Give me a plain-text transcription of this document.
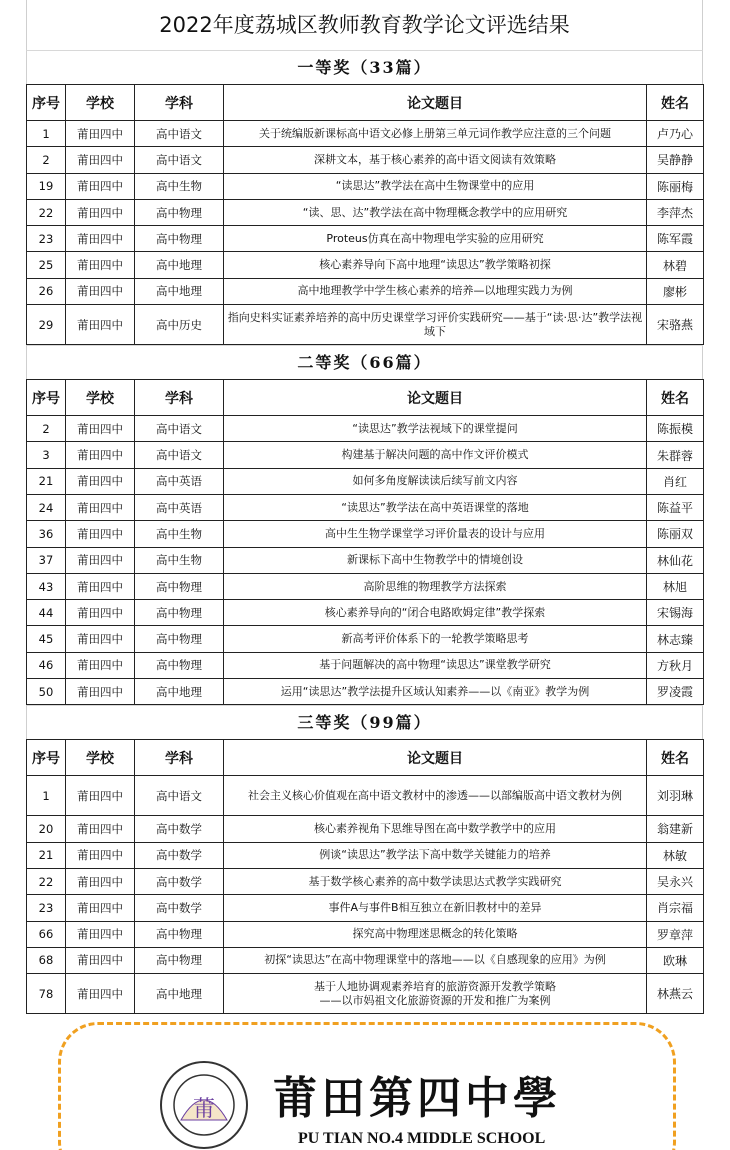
2022年度荔城区教师教育教学论文评选结果
一等奖（33篇）
序号	学校	学科	论文题目	姓名
1	莆田四中	高中语文	关于统编版新课标高中语文必修上册第三单元词作教学应注意的三个问题	卢乃心
2	莆田四中	高中语文	深耕文本，基于核心素养的高中语文阅读有效策略	吴静静
19	莆田四中	高中生物	“读思达”教学法在高中生物课堂中的应用	陈丽梅
22	莆田四中	高中物理	“读、思、达”教学法在高中物理概念教学中的应用研究	李萍杰
23	莆田四中	高中物理	Proteus仿真在高中物理电学实验的应用研究	陈军霞
25	莆田四中	高中地理	核心素养导向下高中地理“读思达”教学策略初探	林碧
26	莆田四中	高中地理	高中地理教学中学生核心素养的培养—以地理实践力为例	廖彬
29	莆田四中	高中历史	指向史料实证素养培养的高中历史课堂学习评价实践研究——基于“读·思·达”教学法视域下	宋骆燕
二等奖（66篇）
序号	学校	学科	论文题目	姓名
2	莆田四中	高中语文	“读思达”教学法视域下的课堂提问	陈振模
3	莆田四中	高中语文	构建基于解决问题的高中作文评价模式	朱群蓉
21	莆田四中	高中英语	如何多角度解读读后续写前文内容	肖红
24	莆田四中	高中英语	“读思达”教学法在高中英语课堂的落地	陈益平
36	莆田四中	高中生物	高中生生物学课堂学习评价量表的设计与应用	陈丽双
37	莆田四中	高中生物	新课标下高中生物教学中的情境创设	林仙花
43	莆田四中	高中物理	高阶思维的物理教学方法探索	林旭
44	莆田四中	高中物理	核心素养导向的“闭合电路欧姆定律”教学探索	宋锡海
45	莆田四中	高中物理	新高考评价体系下的一轮教学策略思考	林志臻
46	莆田四中	高中物理	基于问题解决的高中物理“读思达”课堂教学研究	方秋月
50	莆田四中	高中地理	运用“读思达”教学法提升区域认知素养——以《南亚》教学为例	罗凌霞
三等奖（99篇）
序号	学校	学科	论文题目	姓名
1	莆田四中	高中语文	社会主义核心价值观在高中语文教材中的渗透——以部编版高中语文教材为例	刘羽琳
20	莆田四中	高中数学	核心素养视角下思维导图在高中数学教学中的应用	翁建新
21	莆田四中	高中数学	例谈“读思达”教学法下高中数学关键能力的培养	林敏
22	莆田四中	高中数学	基于数学核心素养的高中数学读思达式教学实践研究	吴永兴
23	莆田四中	高中数学	事件A与事件B相互独立在新旧教材中的差异	肖宗福
66	莆田四中	高中物理	探究高中物理迷思概念的转化策略	罗章萍
68	莆田四中	高中物理	初探“读思达”在高中物理课堂中的落地——以《自感现象的应用》为例	欧琳
78	莆田四中	高中地理	基于人地协调观素养培育的旅游资源开发教学策略
——以市妈祖文化旅游资源的开发和推广为案例	林燕云
莆 莆田第四中學
PU TIAN NO.4 MIDDLE SCHOOL
